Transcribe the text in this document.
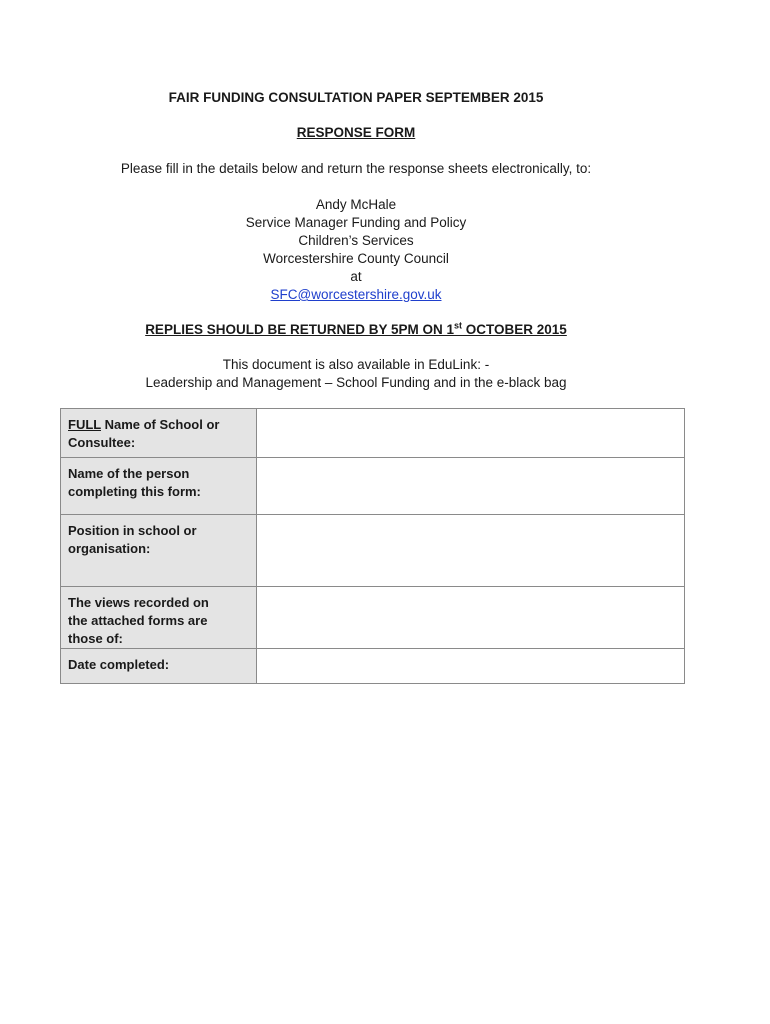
FAIR FUNDING CONSULTATION PAPER SEPTEMBER 2015
RESPONSE FORM
Please fill in the details below and return the response sheets electronically, to:
Andy McHale
Service Manager Funding and Policy
Children’s Services
Worcestershire County Council
at
SFC@worcestershire.gov.uk
REPLIES SHOULD BE RETURNED BY 5PM ON 1st OCTOBER 2015
This document is also available in EduLink: -
Leadership and Management – School Funding and in the e-black bag
FULL Name of School or
Consultee:	

Name of the person
completing this form:	

Position in school or
organisation:	

The views recorded on
the attached forms are
those of:	

Date completed:	
